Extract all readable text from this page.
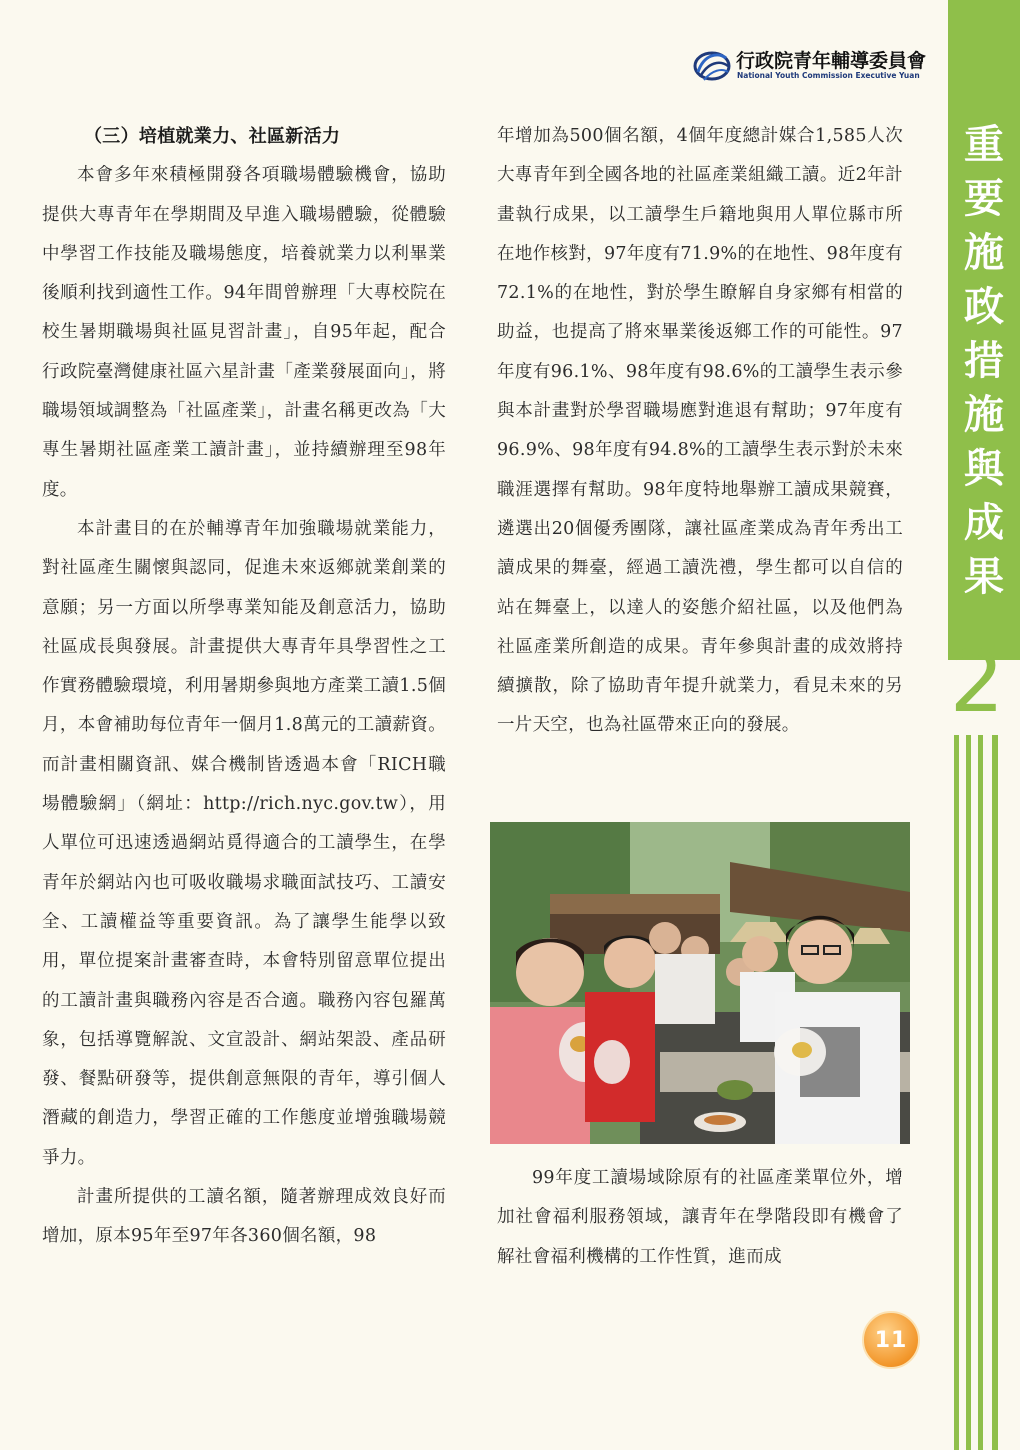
行政院青年輔導委員會
National Youth Commission Executive Yuan
重
要
施
政
措
施
與
成
果
2

（三）培植就業力、社區新活力

本會多年來積極開發各項職場體驗機會，協助提供大專青年在學期間及早進入職場體驗，從體驗中學習工作技能及職場態度，培養就業力以利畢業後順利找到適性工作。94年間曾辦理「大專校院在校生暑期職場與社區見習計畫」，自95年起，配合行政院臺灣健康社區六星計畫「產業發展面向」，將職場領域調整為「社區產業」，計畫名稱更改為「大專生暑期社區產業工讀計畫」，並持續辦理至98年度。

本計畫目的在於輔導青年加強職場就業能力，對社區產生關懷與認同，促進未來返鄉就業創業的意願；另一方面以所學專業知能及創意活力，協助社區成長與發展。計畫提供大專青年具學習性之工作實務體驗環境，利用暑期參與地方產業工讀1.5個月，本會補助每位青年一個月1.8萬元的工讀薪資。而計畫相關資訊、媒合機制皆透過本會「RICH職場體驗網」（網址：http://rich.nyc.gov.tw），用人單位可迅速透過網站覓得適合的工讀學生，在學青年於網站內也可吸收職場求職面試技巧、工讀安全、工讀權益等重要資訊。為了讓學生能學以致用，單位提案計畫審查時，本會特別留意單位提出的工讀計畫與職務內容是否合適。職務內容包羅萬象，包括導覽解說、文宣設計、網站架設、產品研發、餐點研發等，提供創意無限的青年，導引個人潛藏的創造力，學習正確的工作態度並增強職場競爭力。

計畫所提供的工讀名額，隨著辦理成效良好而增加，原本95年至97年各360個名額，98

年增加為500個名額，4個年度總計媒合1,585人次大專青年到全國各地的社區產業組織工讀。近2年計畫執行成果，以工讀學生戶籍地與用人單位縣市所在地作核對，97年度有71.9%的在地性、98年度有72.1%的在地性，對於學生瞭解自身家鄉有相當的助益，也提高了將來畢業後返鄉工作的可能性。97年度有96.1%、98年度有98.6%的工讀學生表示參與本計畫對於學習職場應對進退有幫助；97年度有96.9%、98年度有94.8%的工讀學生表示對於未來職涯選擇有幫助。98年度特地舉辦工讀成果競賽，遴選出20個優秀團隊，讓社區產業成為青年秀出工讀成果的舞臺，經過工讀洗禮，學生都可以自信的站在舞臺上，以達人的姿態介紹社區，以及他們為社區產業所創造的成果。青年參與計畫的成效將持續擴散，除了協助青年提升就業力，看見未來的另一片天空，也為社區帶來正向的發展。

99年度工讀場域除原有的社區產業單位外，增加社會福利服務領域，讓青年在學階段即有機會了解社會福利機構的工作性質，進而成

11
